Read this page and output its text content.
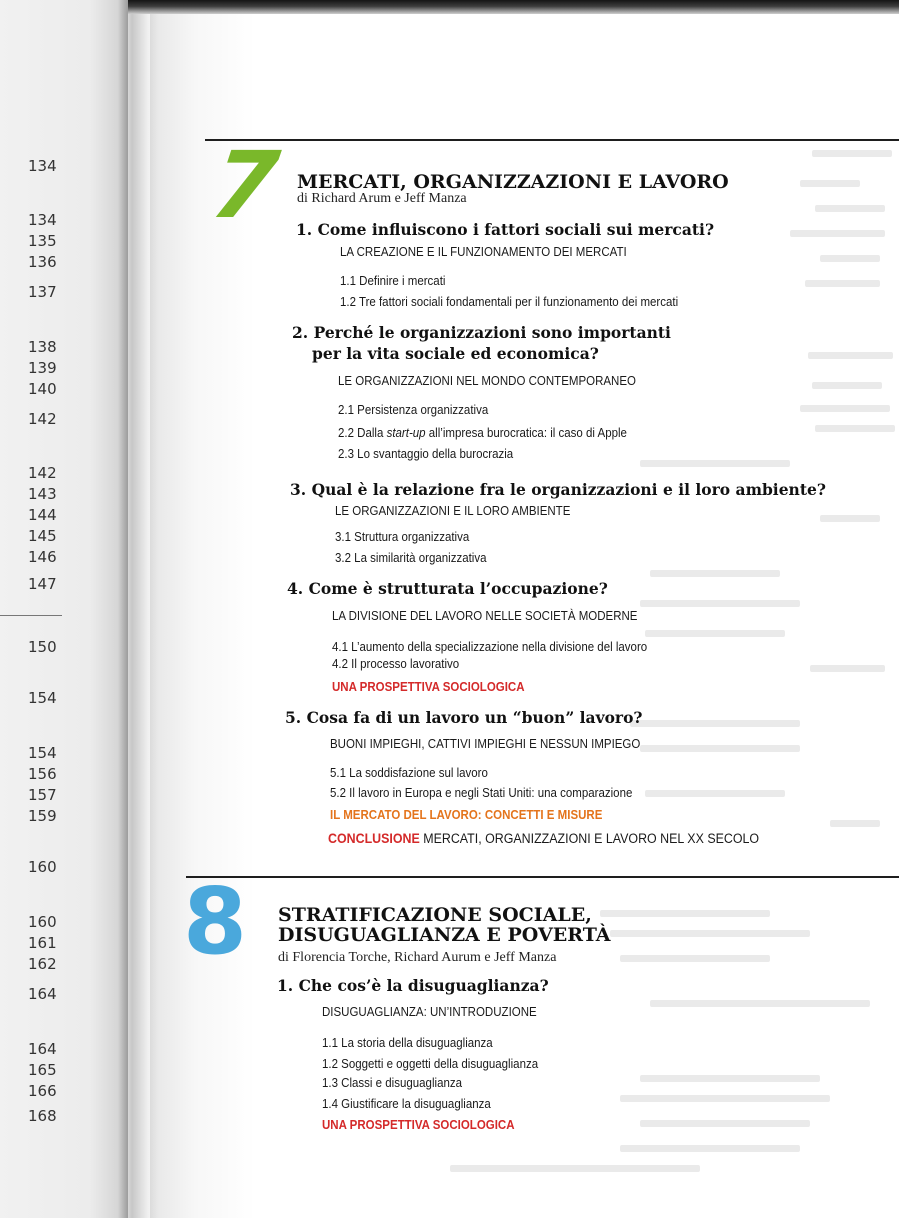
7 MERCATI, ORGANIZZAZIONI E LAVORO
di Richard Arum e Jeff Manza
1. Come influiscono i fattori sociali sui mercati?
LA CREAZIONE E IL FUNZIONAMENTO DEI MERCATI
1.1 Definire i mercati
1.2 Tre fattori sociali fondamentali per il funzionamento dei mercati
2. Perché le organizzazioni sono importanti
per la vita sociale ed economica?
LE ORGANIZZAZIONI NEL MONDO CONTEMPORANEO
2.1 Persistenza organizzativa
2.2 Dalla start-up all’impresa burocratica: il caso di Apple
2.3 Lo svantaggio della burocrazia
3. Qual è la relazione fra le organizzazioni e il loro ambiente?
LE ORGANIZZAZIONI E IL LORO AMBIENTE
3.1 Struttura organizzativa
3.2 La similarità organizzativa
4. Come è strutturata l’occupazione?
LA DIVISIONE DEL LAVORO NELLE SOCIETÀ MODERNE
4.1 L’aumento della specializzazione nella divisione del lavoro
4.2 Il processo lavorativo
UNA PROSPETTIVA SOCIOLOGICA
5. Cosa fa di un lavoro un “buon” lavoro?
BUONI IMPIEGHI, CATTIVI IMPIEGHI E NESSUN IMPIEGO
5.1 La soddisfazione sul lavoro
5.2 Il lavoro in Europa e negli Stati Uniti: una comparazione
IL MERCATO DEL LAVORO: CONCETTI E MISURE
CONCLUSIONE MERCATI, ORGANIZZAZIONI E LAVORO NEL XX SECOLO
8 STRATIFICAZIONE SOCIALE,
DISUGUAGLIANZA E POVERTÀ
di Florencia Torche, Richard Aurum e Jeff Manza
1. Che cos’è la disuguaglianza?
DISUGUAGLIANZA: UN’INTRODUZIONE
1.1 La storia della disuguaglianza
1.2 Soggetti e oggetti della disuguaglianza
1.3 Classi e disuguaglianza
1.4 Giustificare la disuguaglianza
UNA PROSPETTIVA SOCIOLOGICA
134
134
135
136
137
138
139
140
142
142
143
144
145
146
147
150
154
154
156
157
159
160
160
161
162
164
164
165
166
168
